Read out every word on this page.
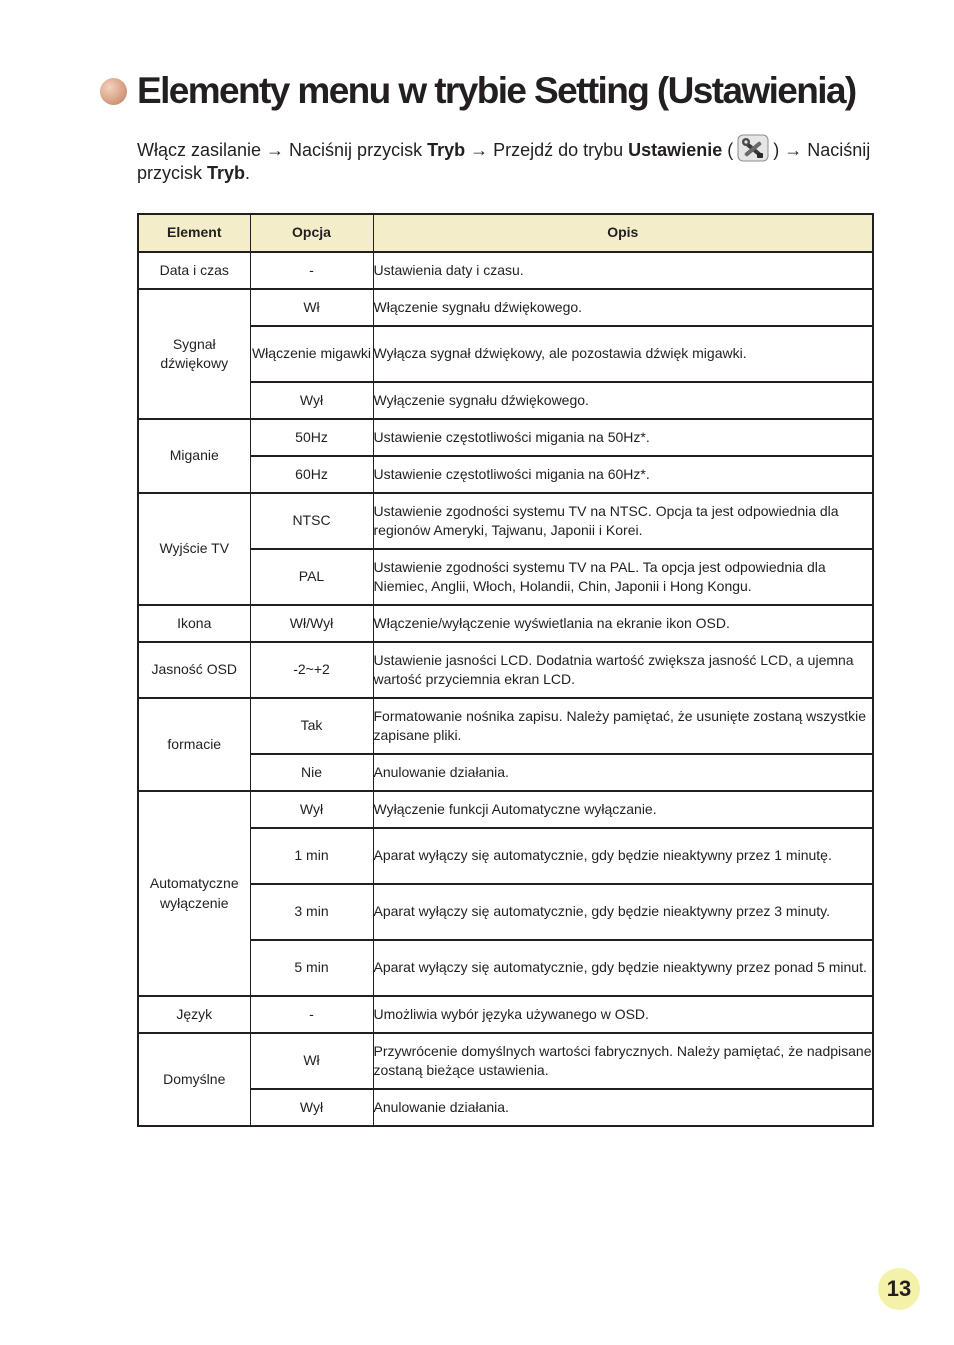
Elementy menu w trybie Setting (Ustawienia)
Włącz zasilanie → Naciśnij przycisk Tryb → Przejdź do trybu Ustawienie ( ) → Naciśnij przycisk Tryb.
Element	Opcja	Opis
Data i czas	-	Ustawienia daty i czasu.
Sygnał dźwiękowy	Wł	Włączenie sygnału dźwiękowego.
	Włączenie migawki	Wyłącza sygnał dźwiękowy, ale pozostawia dźwięk migawki.
	Wył	Wyłączenie sygnału dźwiękowego.
Miganie	50Hz	Ustawienie częstotliwości migania na 50Hz*.
	60Hz	Ustawienie częstotliwości migania na 60Hz*.
Wyjście TV	NTSC	Ustawienie zgodności systemu TV na NTSC. Opcja ta jest odpowiednia dla regionów Ameryki, Tajwanu, Japonii i Korei.
	PAL	Ustawienie zgodności systemu TV na PAL. Ta opcja jest odpowiednia dla Niemiec, Anglii, Włoch, Holandii, Chin, Japonii i Hong Kongu.
Ikona	Wł/Wył	Włączenie/wyłączenie wyświetlania na ekranie ikon OSD.
Jasność OSD	-2~+2	Ustawienie jasności LCD. Dodatnia wartość zwiększa jasność LCD, a ujemna wartość przyciemnia ekran LCD.
formacie	Tak	Formatowanie nośnika zapisu. Należy pamiętać, że usunięte zostaną wszystkie zapisane pliki.
	Nie	Anulowanie działania.
Automatyczne wyłączenie	Wył	Wyłączenie funkcji Automatyczne wyłączanie.
	1 min	Aparat wyłączy się automatycznie, gdy będzie nieaktywny przez 1 minutę.
	3 min	Aparat wyłączy się automatycznie, gdy będzie nieaktywny przez 3 minuty.
	5 min	Aparat wyłączy się automatycznie, gdy będzie nieaktywny przez ponad 5 minut.
Język	-	Umożliwia wybór języka używanego w OSD.
Domyślne	Wł	Przywrócenie domyślnych wartości fabrycznych. Należy pamiętać, że nadpisane zostaną bieżące ustawienia.
	Wył	Anulowanie działania.
13
